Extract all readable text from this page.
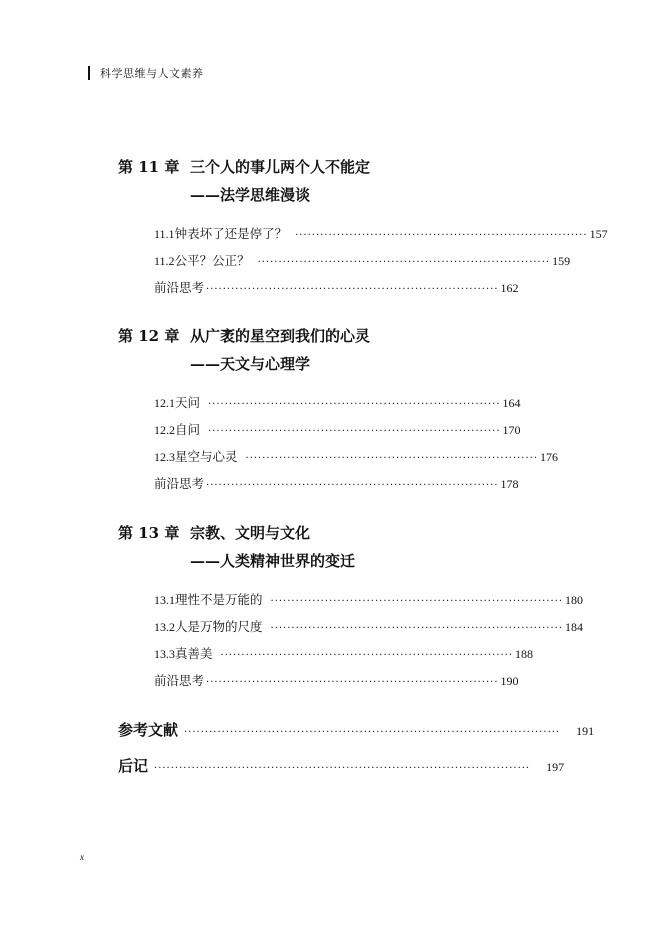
科学思维与人文素养
第 11 章 三个人的事儿两个人不能定
——法学思维漫谈
11.1 钟表坏了还是停了？ ······································································ 157
11.2 公平？公正？ ······································································ 159
前沿思考 ······································································ 162
第 12 章 从广袤的星空到我们的心灵
——天文与心理学
12.1 天问 ······································································ 164
12.2 自问 ······································································ 170
12.3 星空与心灵 ······································································ 176
前沿思考 ······································································ 178
第 13 章 宗教、文明与文化
——人类精神世界的变迁
13.1 理性不是万能的 ······································································ 180
13.2 人是万物的尺度 ······································································ 184
13.3 真善美 ······································································ 188
前沿思考 ······································································ 190
参考文献 ·························································································· 191
后记 ·························································································· 197
x
